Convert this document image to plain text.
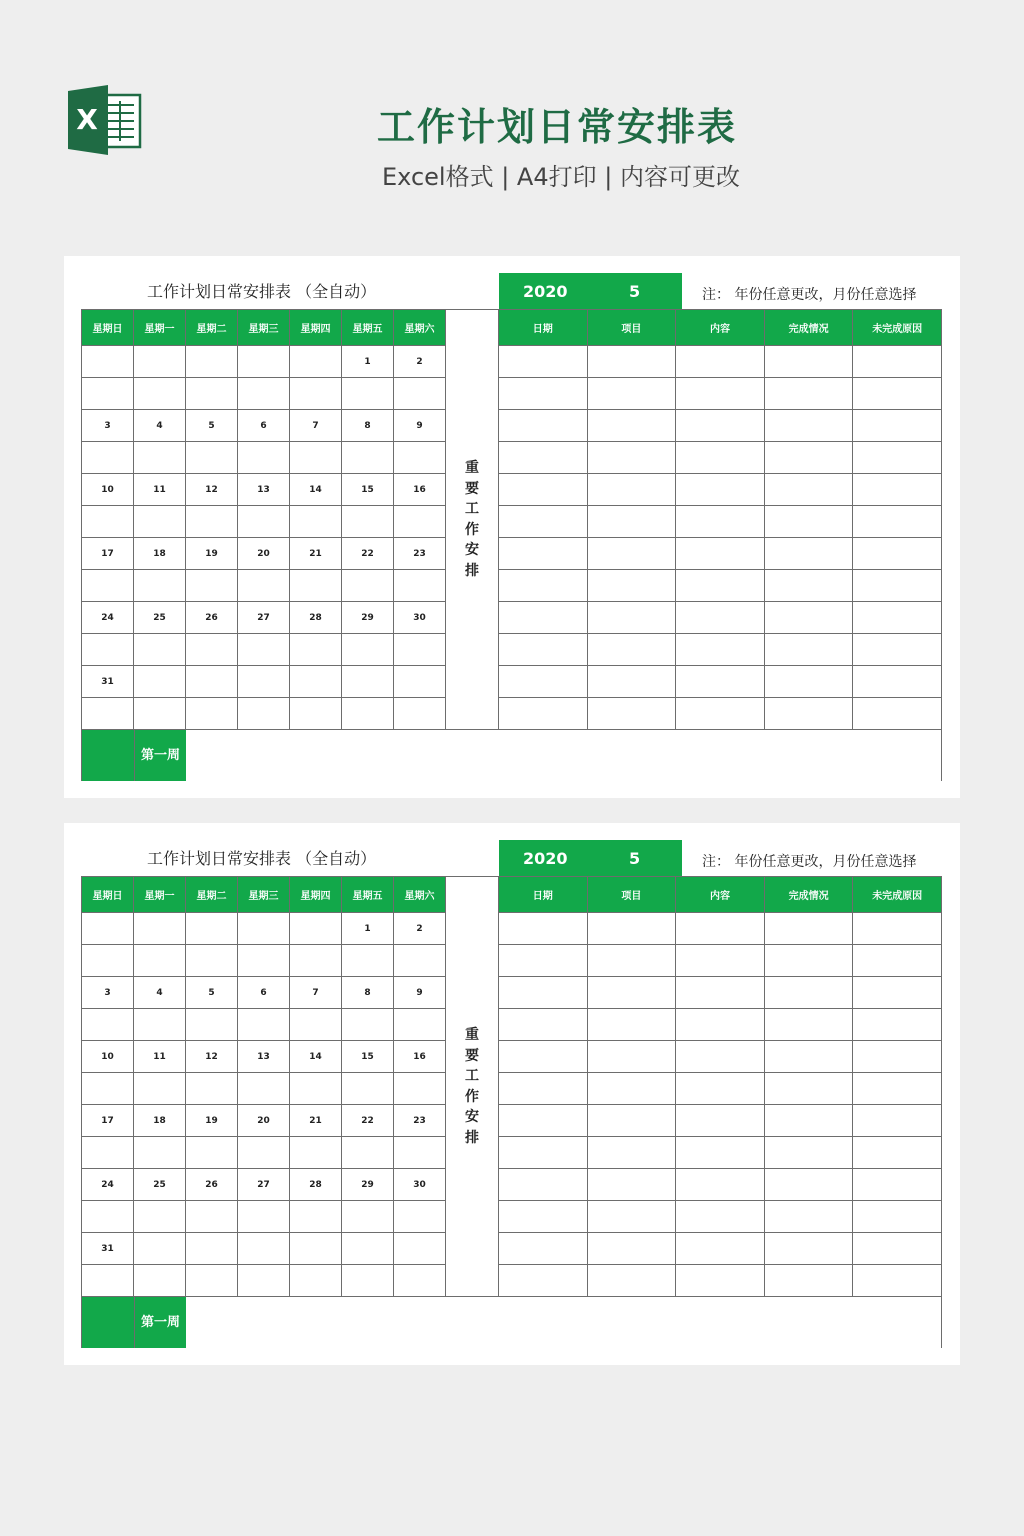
X	工作计划日常安排表
Excel格式 | A4打印 | 内容可更改
工作计划日常安排表 （全自动）	2020	5	注： 年份任意更改，月份任意选择
星期日	星期一	星期二	星期三	星期四	星期五	星期六
					1	2

3	4	5	6	7	8	9

10	11	12	13	14	15	16

17	18	19	20	21	22	23

24	25	26	27	28	29	30

31						

重要工作安排
日期	项目	内容	完成情况	未完成原因

第一周
工作计划日常安排表 （全自动）	2020	5	注： 年份任意更改，月份任意选择
星期日	星期一	星期二	星期三	星期四	星期五	星期六
					1	2

3	4	5	6	7	8	9

10	11	12	13	14	15	16

17	18	19	20	21	22	23

24	25	26	27	28	29	30

31						

重要工作安排
日期	项目	内容	完成情况	未完成原因

第一周
